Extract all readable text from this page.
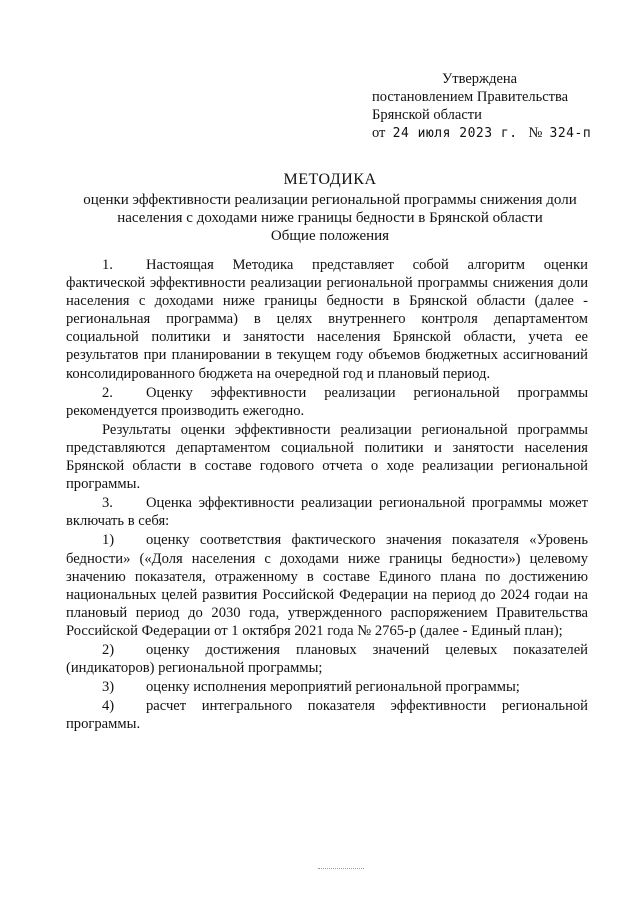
Утверждена
постановлением Правительства
Брянской области
от 24 июля 2023 г. № 324-п
МЕТОДИКА
оценки эффективности реализации региональной программы снижения доли
населения с доходами ниже границы бедности в Брянской области
Общие положения

1. Настоящая Методика представляет собой алгоритм оценки фактической эффективности реализации региональной программы снижения доли населения с доходами ниже границы бедности в Брянской области (далее - региональная программа) в целях внутреннего контроля департаментом социальной политики и занятости населения Брянской области, учета ее результатов при планировании в текущем году объемов бюджетных ассигнований консолидированного бюджета на очередной год и плановый период.

2. Оценку эффективности реализации региональной программы рекомендуется производить ежегодно.

Результаты оценки эффективности реализации региональной программы представляются департаментом социальной политики и занятости населения Брянской области в составе годового отчета о ходе реализации региональной программы.

3. Оценка эффективности реализации региональной программы может включать в себя:

1) оценку соответствия фактического значения показателя «Уровень бедности» («Доля населения с доходами ниже границы бедности») целевому значению показателя, отраженному в составе Единого плана по достижению национальных целей развития Российской Федерации на период до 2024 годаи на плановый период до 2030 года, утвержденного распоряжением Правительства Российской Федерации от 1 октября 2021 года № 2765-р (далее - Единый план);

2) оценку достижения плановых значений целевых показателей (индикаторов) региональной программы;

3) оценку исполнения мероприятий региональной программы;

4) расчет интегрального показателя эффективности региональной программы.
